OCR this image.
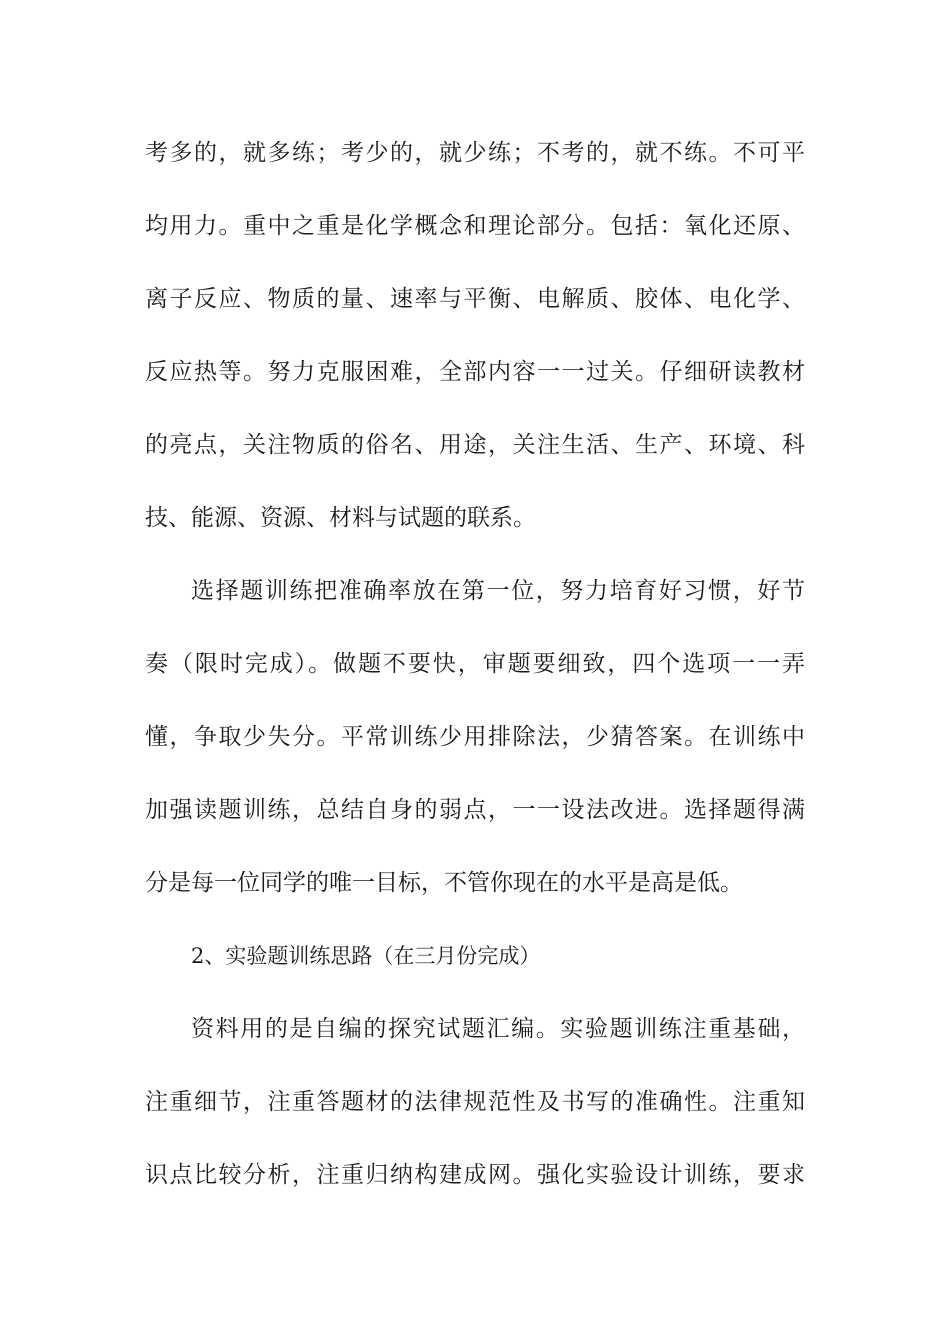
考多的，就多练；考少的，就少练；不考的，就不练。不可平
均用力。重中之重是化学概念和理论部分。包括：氧化还原、
离子反应、物质的量、速率与平衡、电解质、胶体、电化学、
反应热等。努力克服困难，全部内容一一过关。仔细研读教材
的亮点，关注物质的俗名、用途，关注生活、生产、环境、科
技、能源、资源、材料与试题的联系。
选择题训练把准确率放在第一位，努力培育好习惯，好节
奏（限时完成）。做题不要快，审题要细致，四个选项一一弄
懂，争取少失分。平常训练少用排除法，少猜答案。在训练中
加强读题训练，总结自身的弱点，一一设法改进。选择题得满
分是每一位同学的唯一目标，不管你现在的水平是高是低。
2、实验题训练思路（在三月份完成）
资料用的是自编的探究试题汇编。实验题训练注重基础，
注重细节，注重答题材的法律规范性及书写的准确性。注重知
识点比较分析，注重归纳构建成网。强化实验设计训练，要求
